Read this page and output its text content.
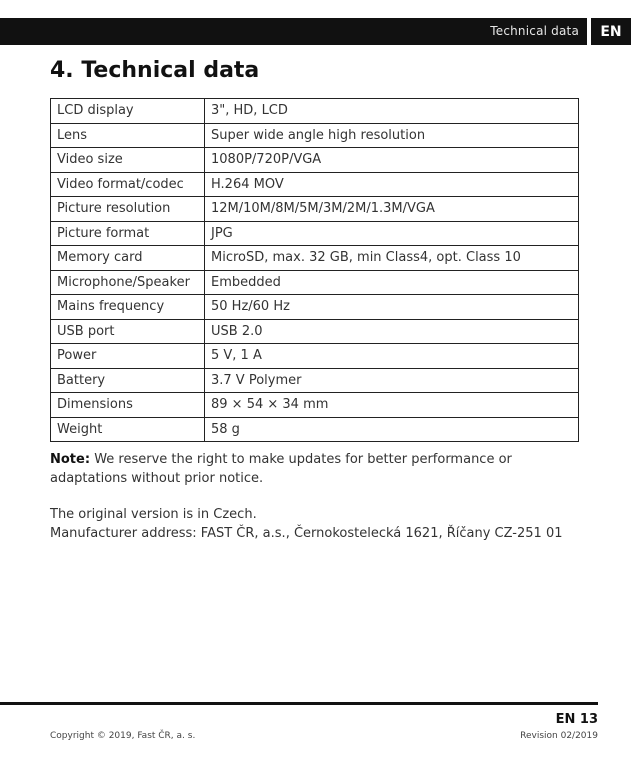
Technical data	EN
4. Technical data
LCD display	3", HD, LCD
Lens	Super wide angle high resolution
Video size	1080P/720P/VGA
Video format/codec	H.264 MOV
Picture resolution	12M/10M/8M/5M/3M/2M/1.3M/VGA
Picture format	JPG
Memory card	MicroSD, max. 32 GB, min Class4, opt. Class 10
Microphone/Speaker	Embedded
Mains frequency	50 Hz/60 Hz
USB port	USB 2.0
Power	5 V, 1 A
Battery	3.7 V Polymer
Dimensions	89 × 54 × 34 mm
Weight	58 g
Note: We reserve the right to make updates for better performance or adaptations without prior notice.
The original version is in Czech.
Manufacturer address: FAST ČR, a.s., Černokostelecká 1621, Říčany CZ-251 01
EN 13
Copyright © 2019, Fast ČR, a. s.	Revision 02/2019
